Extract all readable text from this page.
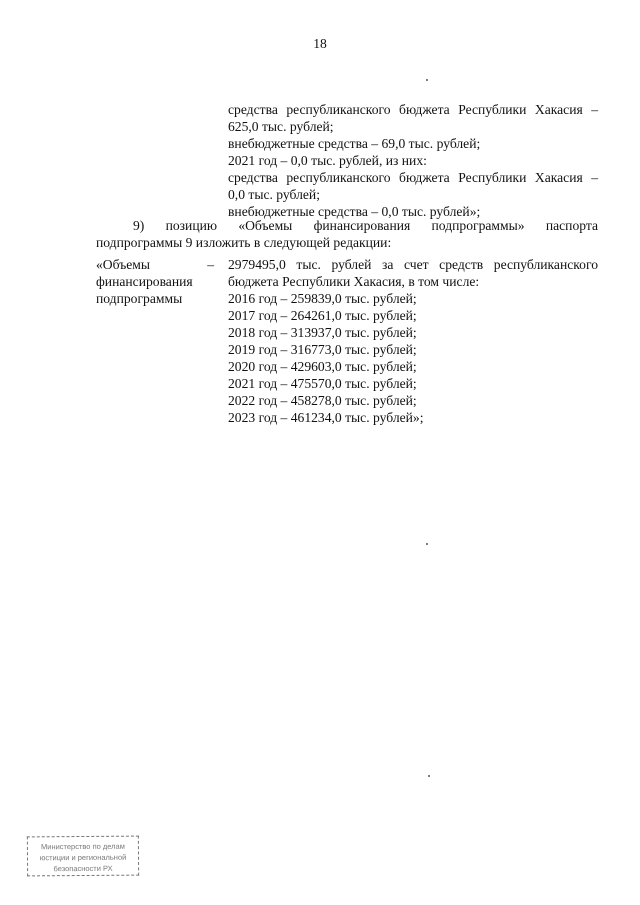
18
средства республиканского бюджета Республики Хакасия –
625,0 тыс. рублей;
внебюджетные средства – 69,0 тыс. рублей;
2021 год – 0,0 тыс. рублей, из них:
средства республиканского бюджета Республики Хакасия –
0,0 тыс. рублей;
внебюджетные средства – 0,0 тыс. рублей»;
9) позицию «Объемы финансирования подпрограммы» паспорта
подпрограммы 9 изложить в следующей редакции:
«Объемы	–
финансирования
подпрограммы
2979495,0 тыс. рублей за счет средств республиканского
бюджета Республики Хакасия, в том числе:
2016 год – 259839,0 тыс. рублей;
2017 год – 264261,0 тыс. рублей;
2018 год – 313937,0 тыс. рублей;
2019 год – 316773,0 тыс. рублей;
2020 год – 429603,0 тыс. рублей;
2021 год – 475570,0 тыс. рублей;
2022 год – 458278,0 тыс. рублей;
2023 год – 461234,0 тыс. рублей»;
Министерство по делам
юстиции и региональной
безопасности РХ
